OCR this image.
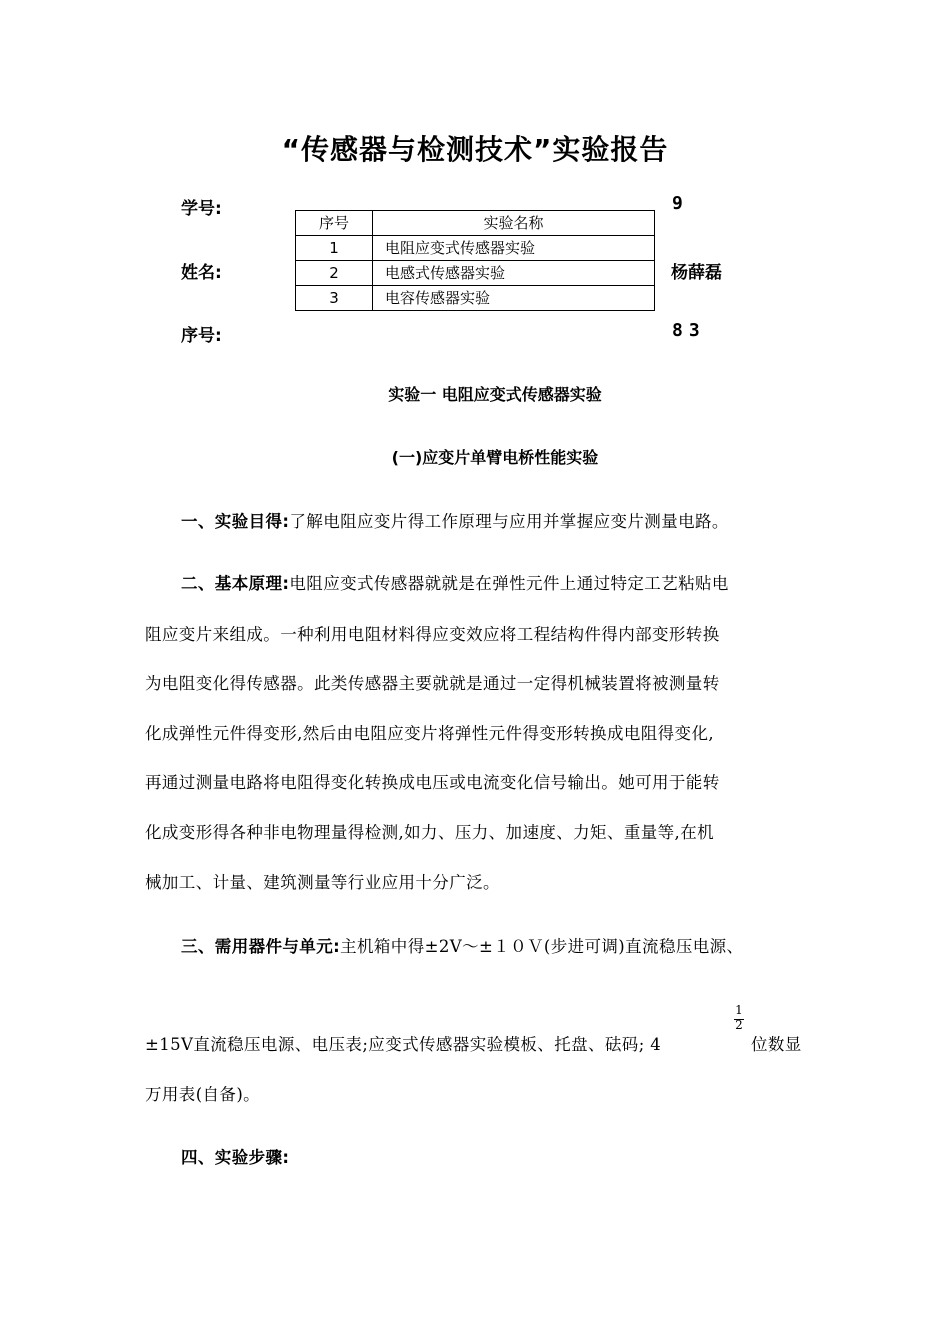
“传感器与检测技术”实验报告
学号:	9
姓名:	杨薛磊
序号:	83
序号	实验名称
1	电阻应变式传感器实验
2	电感式传感器实验
3	电容传感器实验
实验一 电阻应变式传感器实验
(一)应变片单臂电桥性能实验
一、实验目得:了解电阻应变片得工作原理与应用并掌握应变片测量电路。
二、基本原理:电阻应变式传感器就就是在弹性元件上通过特定工艺粘贴电
阻应变片来组成。一种利用电阻材料得应变效应将工程结构件得内部变形转换
为电阻变化得传感器。此类传感器主要就就是通过一定得机械装置将被测量转
化成弹性元件得变形,然后由电阻应变片将弹性元件得变形转换成电阻得变化,
再通过测量电路将电阻得变化转换成电压或电流变化信号输出。她可用于能转
化成变形得各种非电物理量得检测,如力、压力、加速度、力矩、重量等,在机
械加工、计量、建筑测量等行业应用十分广泛。
三、需用器件与单元:主机箱中得±2V～±１０Ｖ(步进可调)直流稳压电源、
±15V直流稳压电源、电压表;应变式传感器实验模板、托盘、砝码; 4
1
2
位数显
万用表(自备)。
四、实验步骤:
